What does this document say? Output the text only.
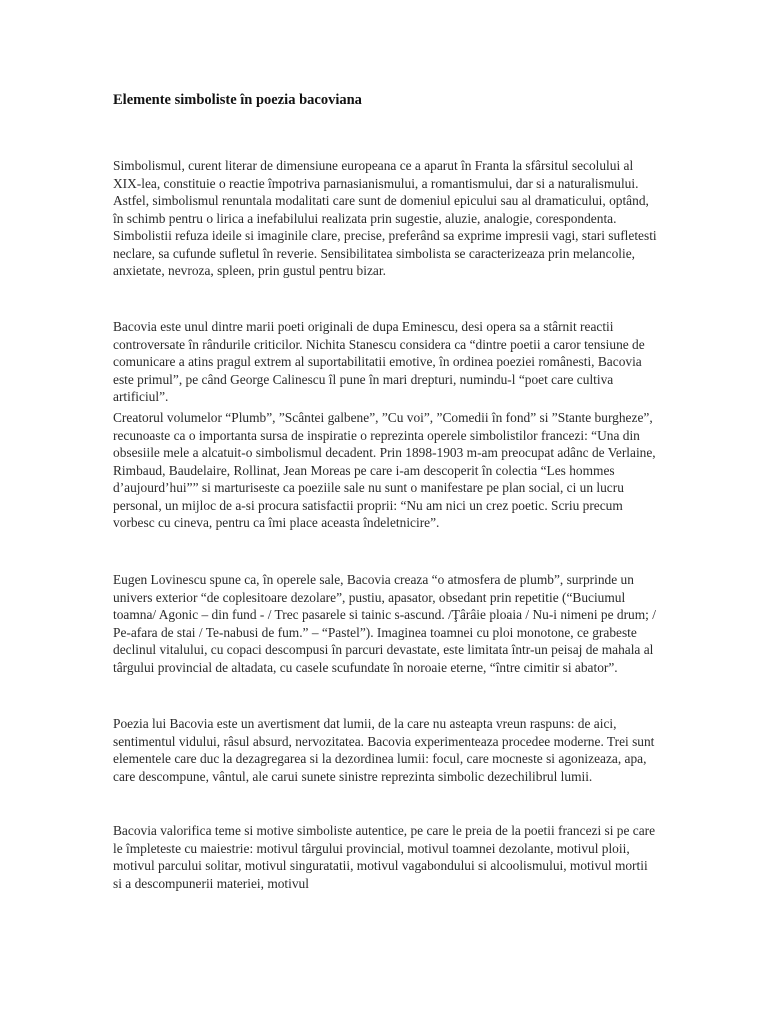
Elemente simboliste în poezia bacoviana

Simbolismul, curent literar de dimensiune europeana ce a aparut în Franta la sfârsitul secolului al XIX-lea, constituie o reactie împotriva parnasianismului, a romantismului, dar si a naturalismului. Astfel, simbolismul renuntala modalitati care sunt de domeniul epicului sau al dramaticului, optând, în schimb pentru o lirica a inefabilului realizata prin sugestie, aluzie, analogie, corespondenta. Simbolistii refuza ideile si imaginile clare, precise, preferând sa exprime impresii vagi, stari sufletesti neclare, sa cufunde sufletul în reverie. Sensibilitatea simbolista se caracterizeaza prin melancolie, anxietate, nevroza, spleen, prin gustul pentru bizar.

Bacovia este unul dintre marii poeti originali de dupa Eminescu, desi opera sa a stârnit reactii controversate în rândurile criticilor. Nichita Stanescu considera ca “dintre poetii a caror tensiune de comunicare a atins pragul extrem al suportabilitatii emotive, în ordinea poeziei românesti, Bacovia este primul”, pe când George Calinescu îl pune în mari drepturi, numindu-l “poet care cultiva artificiul”.

Creatorul volumelor “Plumb”, ”Scântei galbene”, ”Cu voi”, ”Comedii în fond” si ”Stante burgheze”, recunoaste ca o importanta sursa de inspiratie o reprezinta operele simbolistilor francezi: “Una din obsesiile mele a alcatuit-o simbolismul decadent. Prin 1898-1903 m-am preocupat adânc de Verlaine, Rimbaud, Baudelaire, Rollinat, Jean Moreas pe care i-am descoperit în colectia “Les hommes d’aujourd’hui”” si marturiseste ca poeziile sale nu sunt o manifestare pe plan social, ci un lucru personal, un mijloc de a-si procura satisfactii proprii: “Nu am nici un crez poetic. Scriu precum vorbesc cu cineva, pentru ca îmi place aceasta îndeletnicire”.

Eugen Lovinescu spune ca, în operele sale, Bacovia creaza “o atmosfera de plumb”, surprinde un univers exterior “de coplesitoare dezolare”, pustiu, apasator, obsedant prin repetitie (“Buciumul toamna/ Agonic – din fund - / Trec pasarele si tainic s-ascund. /Ţârâie ploaia / Nu-i nimeni pe drum; / Pe-afara de stai / Te-nabusi de fum.” – “Pastel”). Imaginea toamnei cu ploi monotone, ce grabeste declinul vitalului, cu copaci descompusi în parcuri devastate, este limitata într-un peisaj de mahala al târgului provincial de altadata, cu casele scufundate în noroaie eterne, “între cimitir si abator”.

Poezia lui Bacovia este un avertisment dat lumii, de la care nu asteapta vreun raspuns: de aici, sentimentul vidului, râsul absurd, nervozitatea. Bacovia experimenteaza procedee moderne. Trei sunt elementele care duc la dezagregarea si la dezordinea lumii: focul, care mocneste si agonizeaza, apa, care descompune, vântul, ale carui sunete sinistre reprezinta simbolic dezechilibrul lumii.

Bacovia valorifica teme si motive simboliste autentice, pe care le preia de la poetii francezi si pe care le împleteste cu maiestrie: motivul târgului provincial, motivul toamnei dezolante, motivul ploii, motivul parcului solitar, motivul singuratatii, motivul vagabondului si alcoolismului, motivul mortii si a descompunerii materiei, motivul
